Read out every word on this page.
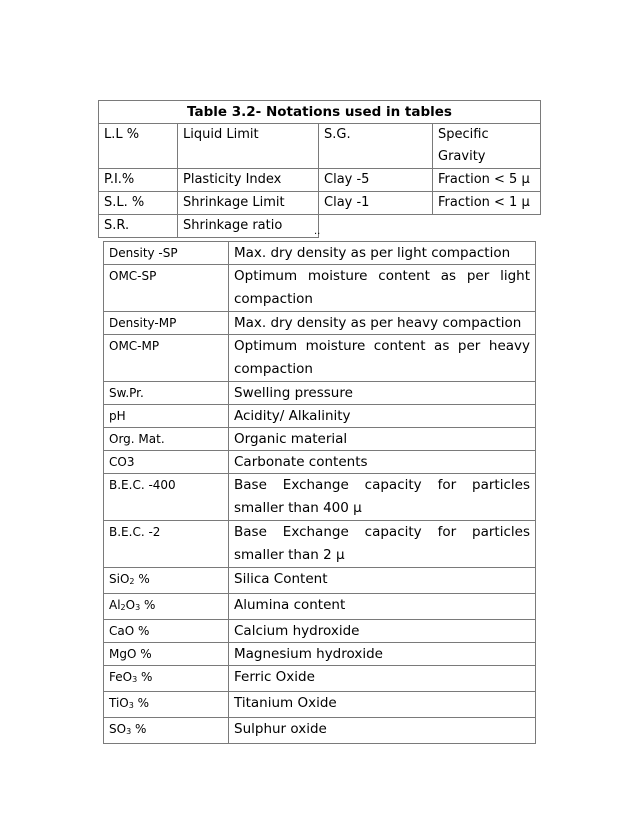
Table 3.2- Notations used in tables			
L.L %	Liquid Limit	S.G.	Specific Gravity
P.I.%	Plasticity Index	Clay -5	Fraction < 5 μ
S.L. %	Shrinkage Limit	Clay -1	Fraction < 1 μ
S.R.	Shrinkage ratio			..
Density -SP	Max. dry density as per light compaction
OMC-SP	Optimum moisture content as per light compaction
Density-MP	Max. dry density as per heavy compaction
OMC-MP	Optimum moisture content as per heavy compaction
Sw.Pr.	Swelling pressure
pH	Acidity/ Alkalinity
Org. Mat.	Organic material
CO3	Carbonate contents
B.E.C. -400	Base Exchange capacity for particles smaller than 400 μ
B.E.C. -2	Base Exchange capacity for particles smaller than 2 μ
SiO$_2$ %	Silica Content
$Al_2O_3$ %	Alumina content
CaO %	Calcium hydroxide
MgO %	Magnesium hydroxide
FeO$_3$ %	Ferric Oxide
TiO$_3$ %	Titanium Oxide
$SO_3$ %	Sulphur oxide
